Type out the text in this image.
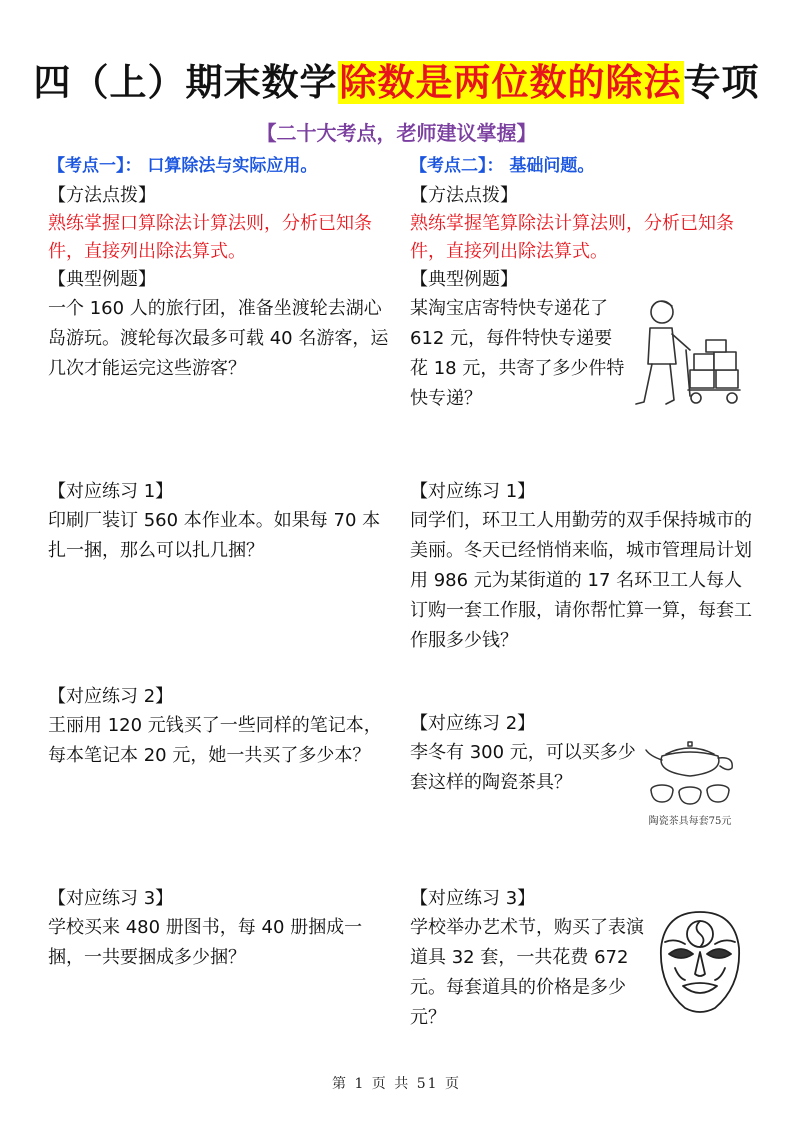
四（上）期末数学除数是两位数的除法专项
【二十大考点，老师建议掌握】
【考点一】： 口算除法与实际应用。
【方法点拨】
熟练掌握口算除法计算法则，分析已知条件，直接列出除法算式。
【典型例题】
一个 160 人的旅行团，准备坐渡轮去湖心岛游玩。渡轮每次最多可载 40 名游客，运几次才能运完这些游客？
【对应练习 1】
印刷厂装订 560 本作业本。如果每 70 本扎一捆，那么可以扎几捆？
【对应练习 2】
王丽用 120 元钱买了一些同样的笔记本，每本笔记本 20 元，她一共买了多少本？
【对应练习 3】
学校买来 480 册图书，每 40 册捆成一捆，一共要捆成多少捆？
【考点二】： 基础问题。
【方法点拨】
熟练掌握笔算除法计算法则，分析已知条件，直接列出除法算式。
【典型例题】
某淘宝店寄特快专递花了 612 元，每件特快专递要花 18 元，共寄了多少件特快专递？
【对应练习 1】
同学们，环卫工人用勤劳的双手保持城市的美丽。冬天已经悄悄来临，城市管理局计划用 986 元为某街道的 17 名环卫工人每人订购一套工作服，请你帮忙算一算，每套工作服多少钱？
【对应练习 2】
李冬有 300 元，可以买多少套这样的陶瓷茶具？
陶瓷茶具每套75元
【对应练习 3】
学校举办艺术节，购买了表演道具 32 套，一共花费 672 元。每套道具的价格是多少元？
第 1 页 共 51 页
